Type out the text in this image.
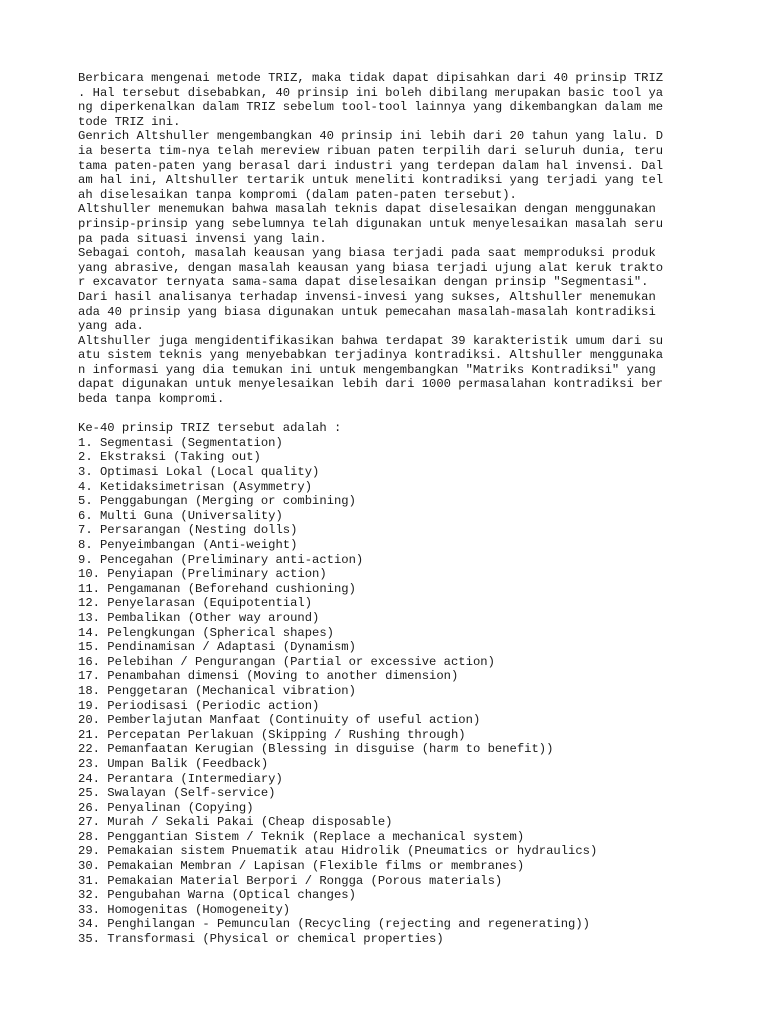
Berbicara mengenai metode TRIZ, maka tidak dapat dipisahkan dari 40 prinsip TRIZ
. Hal tersebut disebabkan, 40 prinsip ini boleh dibilang merupakan basic tool ya
ng diperkenalkan dalam TRIZ sebelum tool-tool lainnya yang dikembangkan dalam me
tode TRIZ ini.
Genrich Altshuller mengembangkan 40 prinsip ini lebih dari 20 tahun yang lalu. D
ia beserta tim-nya telah mereview ribuan paten terpilih dari seluruh dunia, teru
tama paten-paten yang berasal dari industri yang terdepan dalam hal invensi. Dal
am hal ini, Altshuller tertarik untuk meneliti kontradiksi yang terjadi yang tel
ah diselesaikan tanpa kompromi (dalam paten-paten tersebut).
Altshuller menemukan bahwa masalah teknis dapat diselesaikan dengan menggunakan
prinsip-prinsip yang sebelumnya telah digunakan untuk menyelesaikan masalah seru
pa pada situasi invensi yang lain.
Sebagai contoh, masalah keausan yang biasa terjadi pada saat memproduksi produk
yang abrasive, dengan masalah keausan yang biasa terjadi ujung alat keruk trakto
r excavator ternyata sama-sama dapat diselesaikan dengan prinsip "Segmentasi".
Dari hasil analisanya terhadap invensi-invesi yang sukses, Altshuller menemukan
ada 40 prinsip yang biasa digunakan untuk pemecahan masalah-masalah kontradiksi
yang ada.
Altshuller juga mengidentifikasikan bahwa terdapat 39 karakteristik umum dari su
atu sistem teknis yang menyebabkan terjadinya kontradiksi. Altshuller menggunaka
n informasi yang dia temukan ini untuk mengembangkan "Matriks Kontradiksi" yang
dapat digunakan untuk menyelesaikan lebih dari 1000 permasalahan kontradiksi ber
beda tanpa kompromi.
Ke-40 prinsip TRIZ tersebut adalah :
1. Segmentasi (Segmentation)
2. Ekstraksi (Taking out)
3. Optimasi Lokal (Local quality)
4. Ketidaksimetrisan (Asymmetry)
5. Penggabungan (Merging or combining)
6. Multi Guna (Universality)
7. Persarangan (Nesting dolls)
8. Penyeimbangan (Anti-weight)
9. Pencegahan (Preliminary anti-action)
10. Penyiapan (Preliminary action)
11. Pengamanan (Beforehand cushioning)
12. Penyelarasan (Equipotential)
13. Pembalikan (Other way around)
14. Pelengkungan (Spherical shapes)
15. Pendinamisan / Adaptasi (Dynamism)
16. Pelebihan / Pengurangan (Partial or excessive action)
17. Penambahan dimensi (Moving to another dimension)
18. Penggetaran (Mechanical vibration)
19. Periodisasi (Periodic action)
20. Pemberlajutan Manfaat (Continuity of useful action)
21. Percepatan Perlakuan (Skipping / Rushing through)
22. Pemanfaatan Kerugian (Blessing in disguise (harm to benefit))
23. Umpan Balik (Feedback)
24. Perantara (Intermediary)
25. Swalayan (Self-service)
26. Penyalinan (Copying)
27. Murah / Sekali Pakai (Cheap disposable)
28. Penggantian Sistem / Teknik (Replace a mechanical system)
29. Pemakaian sistem Pnuematik atau Hidrolik (Pneumatics or hydraulics)
30. Pemakaian Membran / Lapisan (Flexible films or membranes)
31. Pemakaian Material Berpori / Rongga (Porous materials)
32. Pengubahan Warna (Optical changes)
33. Homogenitas (Homogeneity)
34. Penghilangan - Pemunculan (Recycling (rejecting and regenerating))
35. Transformasi (Physical or chemical properties)
